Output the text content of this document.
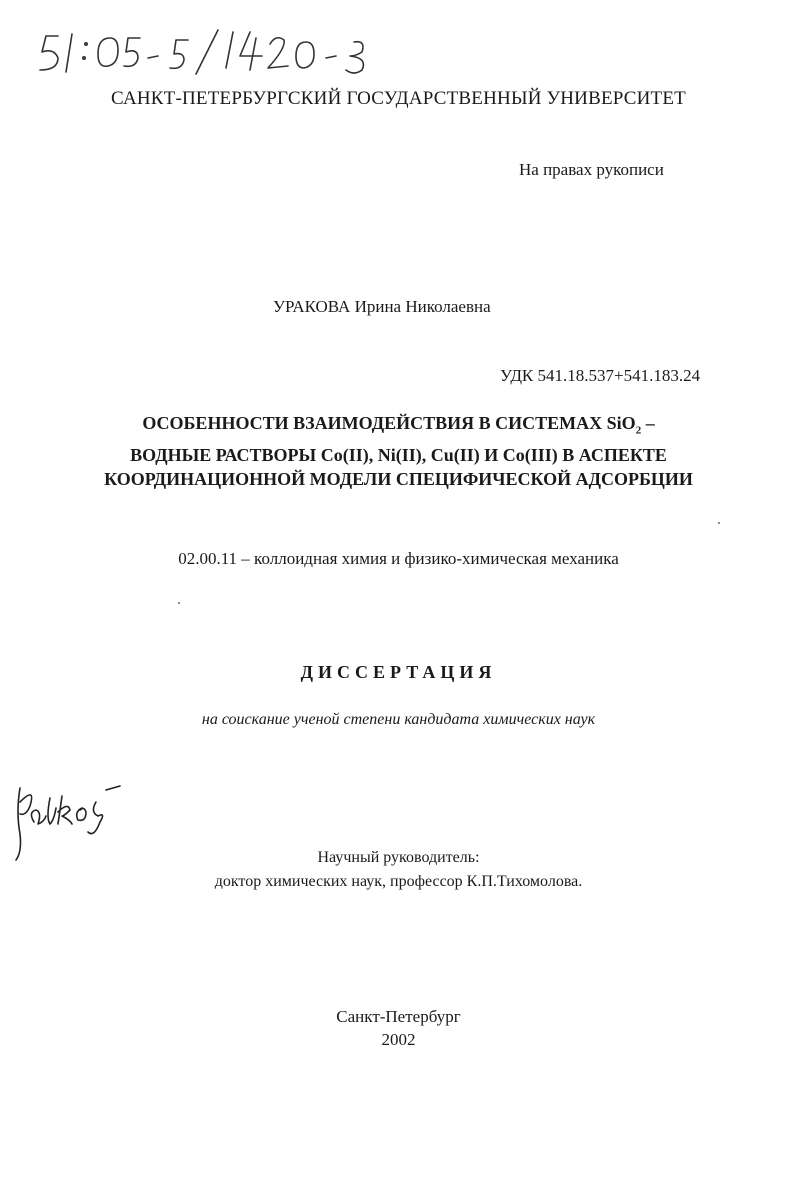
САНКТ-ПЕТЕРБУРГСКИЙ ГОСУДАРСТВЕННЫЙ УНИВЕРСИТЕТ
На правах рукописи
УРАКОВА Ирина Николаевна
УДК 541.18.537+541.183.24
ОСОБЕННОСТИ ВЗАИМОДЕЙСТВИЯ В СИСТЕМАХ SiO$_2$ –
ВОДНЫЕ РАСТВОРЫ Co(II), Ni(II), Cu(II) И Co(III) В АСПЕКТЕ
КООРДИНАЦИОННОЙ МОДЕЛИ СПЕЦИФИЧЕСКОЙ АДСОРБЦИИ
02.00.11 – коллоидная химия и физико-химическая механика
ДИССЕРТАЦИЯ
на соискание ученой степени кандидата химических наук
Научный руководитель:
доктор химических наук, профессор К.П.Тихомолова.
Санкт-Петербург
2002
